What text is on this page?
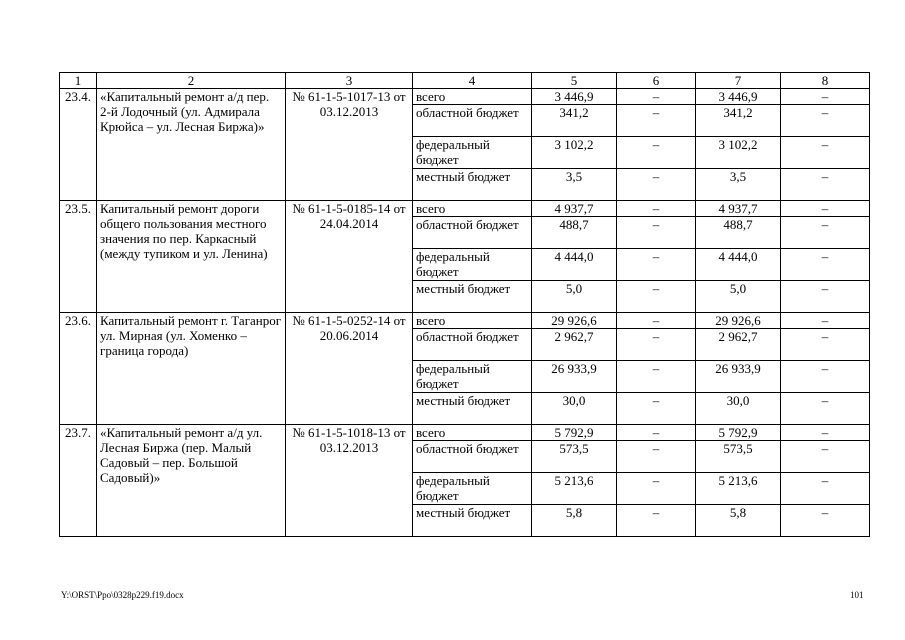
1	2	3	4	5	6	7	8
23.4.	«Капитальный ремонт а/д пер. 2-й Лодочный (ул. Адмирала Крюйса – ул. Лесная Биржа)»	№ 61-1-5-1017-13 от 03.12.2013	всего	3 446,9	–	3 446,9	–
			областной бюджет	341,2	–	341,2	–
			федеральный бюджет	3 102,2	–	3 102,2	–
			местный бюджет	3,5	–	3,5	–
23.5.	Капитальный ремонт дороги общего пользования местного значения по пер. Каркасный (между тупиком и ул. Ленина)	№ 61-1-5-0185-14 от 24.04.2014	всего	4 937,7	–	4 937,7	–
			областной бюджет	488,7	–	488,7	–
			федеральный бюджет	4 444,0	–	4 444,0	–
			местный бюджет	5,0	–	5,0	–
23.6.	Капитальный ремонт г. Таганрог ул. Мирная (ул. Хоменко – граница города)	№ 61-1-5-0252-14 от 20.06.2014	всего	29 926,6	–	29 926,6	–
			областной бюджет	2 962,7	–	2 962,7	–
			федеральный бюджет	26 933,9	–	26 933,9	–
			местный бюджет	30,0	–	30,0	–
23.7.	«Капитальный ремонт а/д ул. Лесная Биржа (пер. Малый Садовый – пер. Большой Садовый)»	№ 61-1-5-1018-13 от 03.12.2013	всего	5 792,9	–	5 792,9	–
			областной бюджет	573,5	–	573,5	–
			федеральный бюджет	5 213,6	–	5 213,6	–
			местный бюджет	5,8	–	5,8	–
Y:\ORST\Ppo\0328p229.f19.docx	101
